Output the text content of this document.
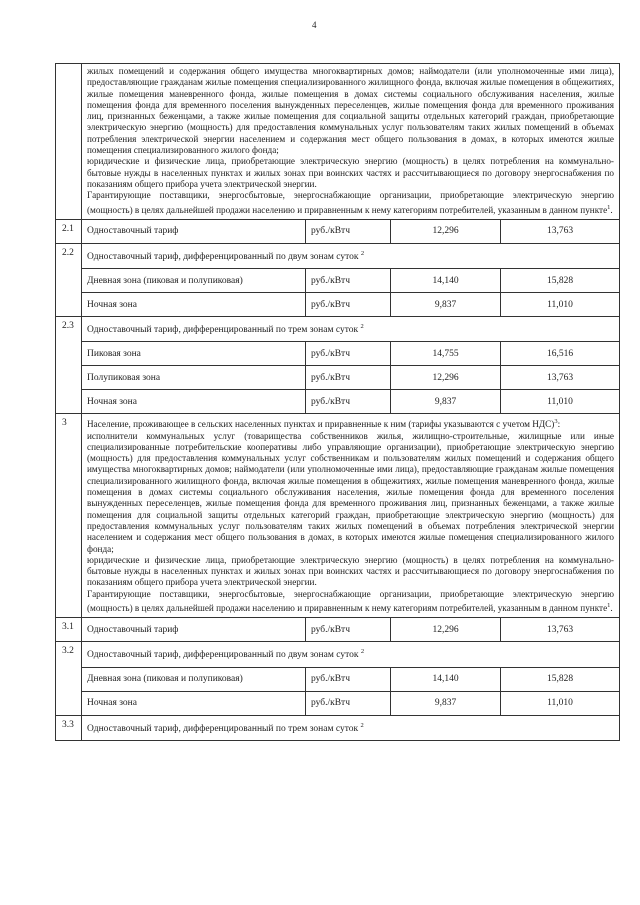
4

жилых помещений и содержания общего имущества многоквартирных домов; наймодатели (или уполномоченные ими лица), предоставляющие гражданам жилые помещения специализированного жилищного фонда, включая жилые помещения в общежитиях, жилые помещения маневренного фонда, жилые помещения в домах системы социального обслуживания населения, жилые помещения фонда для временного поселения вынужденных переселенцев, жилые помещения фонда для временного проживания лиц, признанных беженцами, а также жилые помещения для социальной защиты отдельных категорий граждан, приобретающие электрическую энергию (мощность) для предоставления коммунальных услуг пользователям таких жилых помещений в объемах потребления электрической энергии населением и содержания мест общего пользования в домах, в которых имеются жилые помещения специализированного жилого фонда;

юридические и физические лица, приобретающие электрическую энергию (мощность) в целях потребления на коммунально-бытовые нужды в населенных пунктах и жилых зонах при воинских частях и рассчитывающиеся по договору энергоснабжения по показаниям общего прибора учета электрической энергии.

Гарантирующие поставщики, энергосбытовые, энергоснабжающие организации, приобретающие электрическую энергию (мощность) в целях дальнейшей продажи населению и приравненным к нему категориям потребителей, указанным в данном пункте$^1$.

2.1	Одноставочный тариф	руб./кВтч	12,296	13,763
2.2	Одноставочный тариф, дифференцированный по двум зонам суток $^2$
Дневная зона (пиковая и полупиковая)	руб./кВтч	14,140	15,828
Ночная зона	руб./кВтч	9,837	11,010
2.3	Одноставочный тариф, дифференцированный по трем зонам суток $^2$
Пиковая зона	руб./кВтч	14,755	16,516
Полупиковая зона	руб./кВтч	12,296	13,763
Ночная зона	руб./кВтч	9,837	11,010
3	Население, проживающее в сельских населенных пунктах и приравненные к ним (тарифы указываются с учетом НДС)$^3$:

исполнители коммунальных услуг (товарищества собственников жилья, жилищно-строительные, жилищные или иные специализированные потребительские кооперативы либо управляющие организации), приобретающие электрическую энергию (мощность) для предоставления коммунальных услуг собственникам и пользователям жилых помещений и содержания общего имущества многоквартирных домов; наймодатели (или уполномоченные ими лица), предоставляющие гражданам жилые помещения специализированного жилищного фонда, включая жилые помещения в общежитиях, жилые помещения маневренного фонда, жилые помещения в домах системы социального обслуживания населения, жилые помещения фонда для временного поселения вынужденных переселенцев, жилые помещения фонда для временного проживания лиц, признанных беженцами, а также жилые помещения для социальной защиты отдельных категорий граждан, приобретающие электрическую энергию (мощность) для предоставления коммунальных услуг пользователям таких жилых помещений в объемах потребления электрической энергии населением и содержания мест общего пользования в домах, в которых имеются жилые помещения специализированного жилого фонда;

юридические и физические лица, приобретающие электрическую энергию (мощность) в целях потребления на коммунально-бытовые нужды в населенных пунктах и жилых зонах при воинских частях и рассчитывающиеся по договору энергоснабжения по показаниям общего прибора учета электрической энергии.

Гарантирующие поставщики, энергосбытовые, энергоснабжающие организации, приобретающие электрическую энергию (мощность) в целях дальнейшей продажи населению и приравненным к нему категориям потребителей, указанным в данном пункте$^1$.

3.1	Одноставочный тариф	руб./кВтч	12,296	13,763
3.2	Одноставочный тариф, дифференцированный по двум зонам суток $^2$
Дневная зона (пиковая и полупиковая)	руб./кВтч	14,140	15,828
Ночная зона	руб./кВтч	9,837	11,010
3.3	Одноставочный тариф, дифференцированный по трем зонам суток $^2$
